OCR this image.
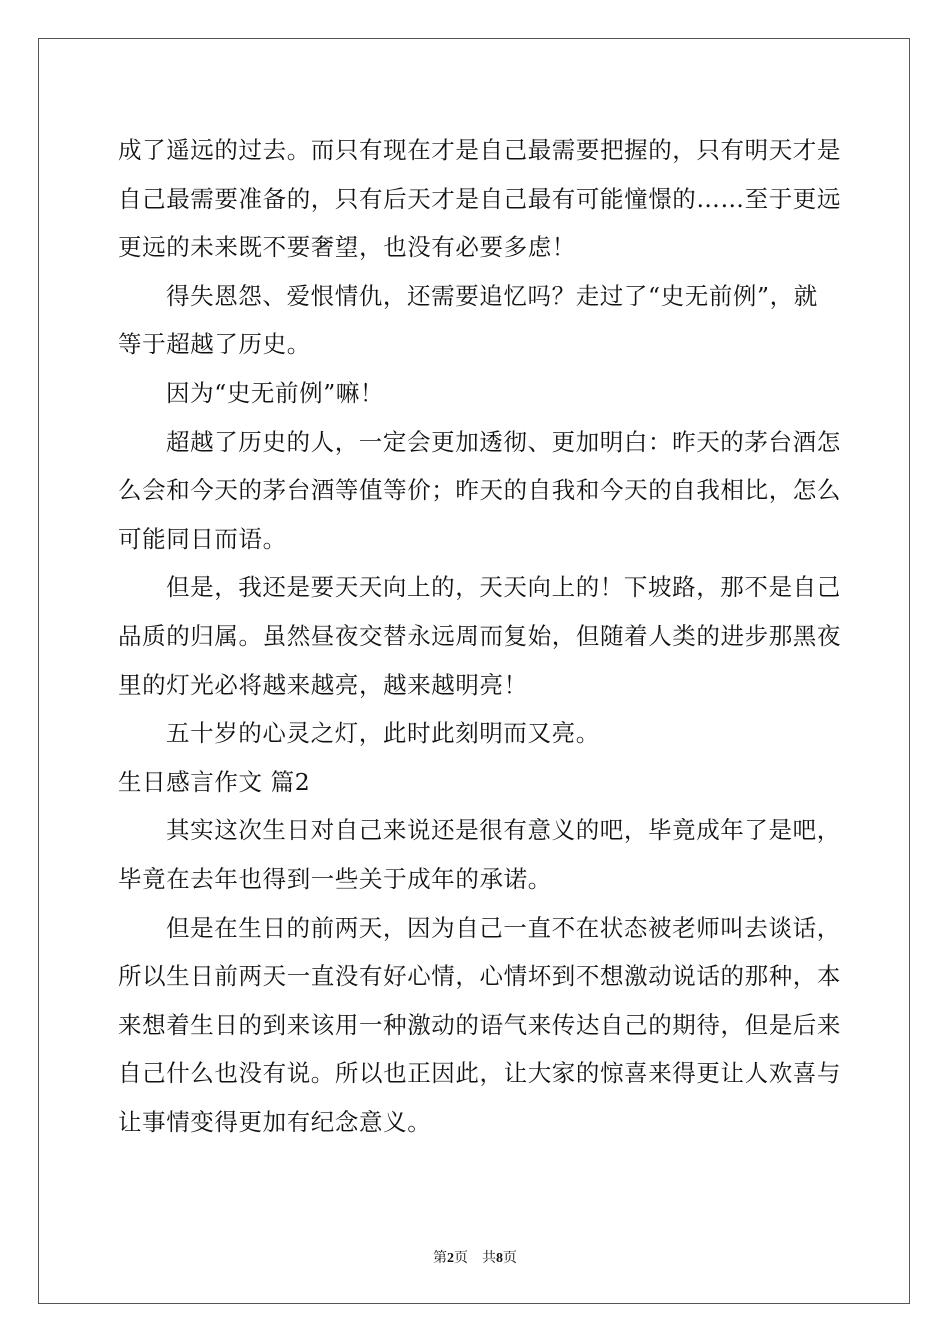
成了遥远的过去。而只有现在才是自己最需要把握的，只有明天才是
自己最需要准备的，只有后天才是自己最有可能憧憬的……至于更远
更远的未来既不要奢望，也没有必要多虑！
得失恩怨、爱恨情仇，还需要追忆吗？走过了“史无前例”，就
等于超越了历史。
因为“史无前例”嘛！
超越了历史的人，一定会更加透彻、更加明白：昨天的茅台酒怎
么会和今天的茅台酒等值等价；昨天的自我和今天的自我相比，怎么
可能同日而语。
但是，我还是要天天向上的，天天向上的！下坡路，那不是自己
品质的归属。虽然昼夜交替永远周而复始，但随着人类的进步那黑夜
里的灯光必将越来越亮，越来越明亮！
五十岁的心灵之灯，此时此刻明而又亮。
生日感言作文 篇2
其实这次生日对自己来说还是很有意义的吧，毕竟成年了是吧，
毕竟在去年也得到一些关于成年的承诺。
但是在生日的前两天，因为自己一直不在状态被老师叫去谈话，
所以生日前两天一直没有好心情，心情坏到不想激动说话的那种，本
来想着生日的到来该用一种激动的语气来传达自己的期待，但是后来
自己什么也没有说。所以也正因此，让大家的惊喜来得更让人欢喜与
让事情变得更加有纪念意义。
第2页　共8页
